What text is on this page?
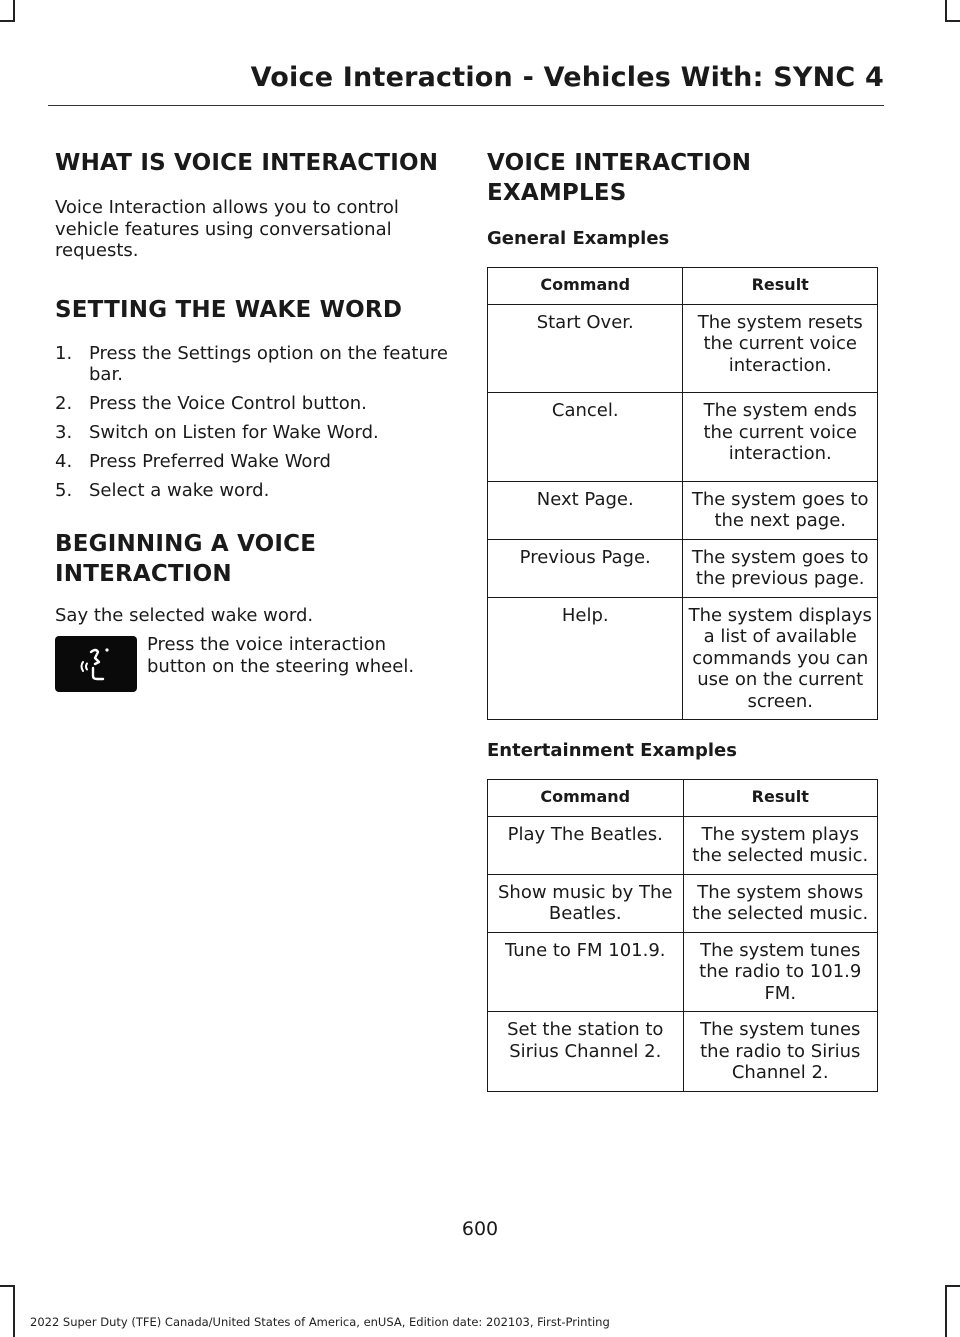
Voice Interaction - Vehicles With: SYNC 4
WHAT IS VOICE INTERACTION

Voice Interaction allows you to control vehicle features using conversational requests.

SETTING THE WAKE WORD
1. Press the Settings option on the feature bar.
2. Press the Voice Control button.
3. Switch on Listen for Wake Word.
4. Press Preferred Wake Word
5. Select a wake word.
BEGINNING A VOICE
INTERACTION

Say the selected wake word.

Press the voice interaction button on the steering wheel.
VOICE INTERACTION
EXAMPLES
General Examples
Command	Result
Start Over.	The system resets the current voice interaction.
Cancel.	The system ends the current voice interaction.
Next Page.	The system goes to the next page.
Previous Page.	The system goes to the previous page.
Help.	The system displays a list of available commands you can use on the current screen.
Entertainment Examples
Command	Result
Play The Beatles.	The system plays the selected music.
Show music by The Beatles.	The system shows the selected music.
Tune to FM 101.9.	The system tunes the radio to 101.9 FM.
Set the station to Sirius Channel 2.	The system tunes the radio to Sirius Channel 2.
600
2022 Super Duty (TFE) Canada/United States of America, enUSA, Edition date: 202103, First-Printing
